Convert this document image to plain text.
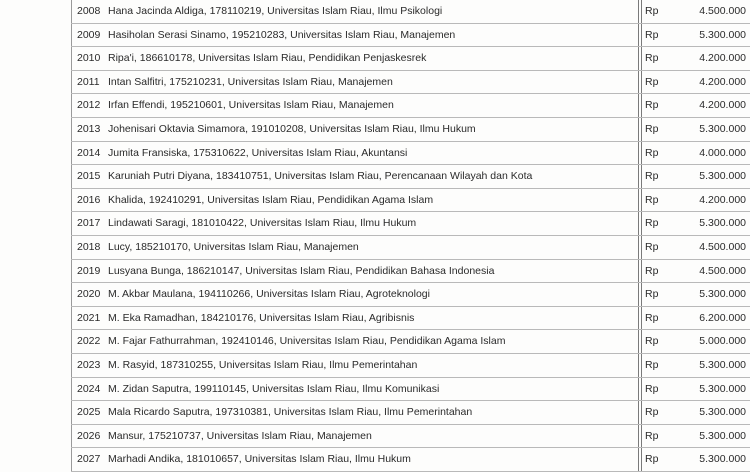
2008 Hana Jacinda Aldiga, 178110219, Universitas Islam Riau, Ilmu Psikologi	Rp	4.500.000
2009 Hasiholan Serasi Sinamo, 195210283, Universitas Islam Riau, Manajemen	Rp	5.300.000
2010 Ripa'i, 186610178, Universitas Islam Riau, Pendidikan Penjaskesrek	Rp	4.200.000
2011 Intan Salfitri, 175210231, Universitas Islam Riau, Manajemen	Rp	4.200.000
2012 Irfan Effendi, 195210601, Universitas Islam Riau, Manajemen	Rp	4.200.000
2013 Johenisari Oktavia Simamora, 191010208, Universitas Islam Riau, Ilmu Hukum	Rp	5.300.000
2014 Jumita Fransiska, 175310622, Universitas Islam Riau, Akuntansi	Rp	4.000.000
2015 Karuniah Putri Diyana, 183410751, Universitas Islam Riau, Perencanaan Wilayah dan Kota	Rp	5.300.000
2016 Khalida, 192410291, Universitas Islam Riau, Pendidikan Agama Islam	Rp	4.200.000
2017 Lindawati Saragi, 181010422, Universitas Islam Riau, Ilmu Hukum	Rp	5.300.000
2018 Lucy, 185210170, Universitas Islam Riau, Manajemen	Rp	4.500.000
2019 Lusyana Bunga, 186210147, Universitas Islam Riau, Pendidikan Bahasa Indonesia	Rp	4.500.000
2020 M. Akbar Maulana, 194110266, Universitas Islam Riau, Agroteknologi	Rp	5.300.000
2021 M. Eka Ramadhan, 184210176, Universitas Islam Riau, Agribisnis	Rp	6.200.000
2022 M. Fajar Fathurrahman, 192410146, Universitas Islam Riau, Pendidikan Agama Islam	Rp	5.000.000
2023 M. Rasyid, 187310255, Universitas Islam Riau, Ilmu Pemerintahan	Rp	5.300.000
2024 M. Zidan Saputra, 199110145, Universitas Islam Riau, Ilmu Komunikasi	Rp	5.300.000
2025 Mala Ricardo Saputra, 197310381, Universitas Islam Riau, Ilmu Pemerintahan	Rp	5.300.000
2026 Mansur, 175210737, Universitas Islam Riau, Manajemen	Rp	5.300.000
2027 Marhadi Andika, 181010657, Universitas Islam Riau, Ilmu Hukum	Rp	5.300.000
